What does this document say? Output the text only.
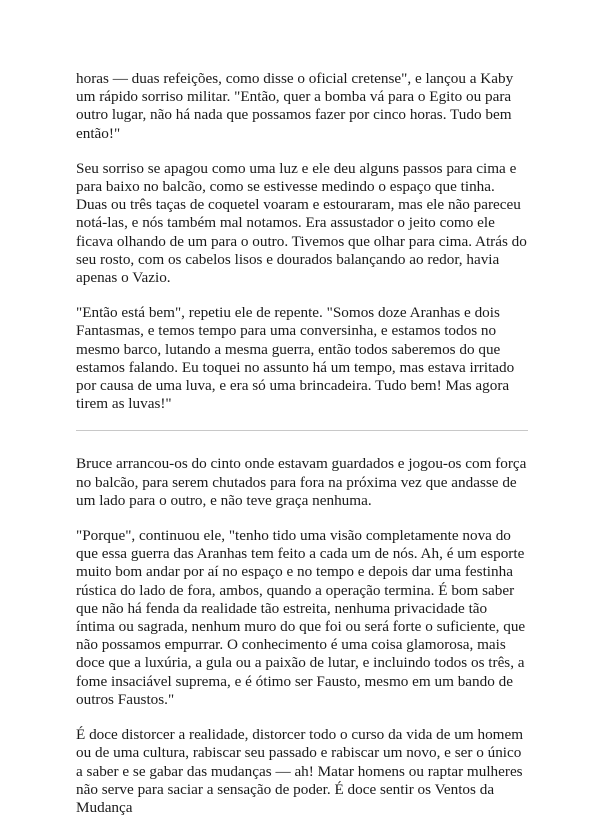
horas — duas refeições, como disse o oficial cretense", e lançou a Kaby um rápido sorriso militar. "Então, quer a bomba vá para o Egito ou para outro lugar, não há nada que possamos fazer por cinco horas. Tudo bem então!"

Seu sorriso se apagou como uma luz e ele deu alguns passos para cima e para baixo no balcão, como se estivesse medindo o espaço que tinha. Duas ou três taças de coquetel voaram e estouraram, mas ele não pareceu notá-las, e nós também mal notamos. Era assustador o jeito como ele ficava olhando de um para o outro. Tivemos que olhar para cima. Atrás do seu rosto, com os cabelos lisos e dourados balançando ao redor, havia apenas o Vazio.

"Então está bem", repetiu ele de repente. "Somos doze Aranhas e dois Fantasmas, e temos tempo para uma conversinha, e estamos todos no mesmo barco, lutando a mesma guerra, então todos saberemos do que estamos falando. Eu toquei no assunto há um tempo, mas estava irritado por causa de uma luva, e era só uma brincadeira. Tudo bem! Mas agora tirem as luvas!"

Bruce arrancou-os do cinto onde estavam guardados e jogou-os com força no balcão, para serem chutados para fora na próxima vez que andasse de um lado para o outro, e não teve graça nenhuma.

"Porque", continuou ele, "tenho tido uma visão completamente nova do que essa guerra das Aranhas tem feito a cada um de nós. Ah, é um esporte muito bom andar por aí no espaço e no tempo e depois dar uma festinha rústica do lado de fora, ambos, quando a operação termina. É bom saber que não há fenda da realidade tão estreita, nenhuma privacidade tão íntima ou sagrada, nenhum muro do que foi ou será forte o suficiente, que não possamos empurrar. O conhecimento é uma coisa glamorosa, mais doce que a luxúria, a gula ou a paixão de lutar, e incluindo todos os três, a fome insaciável suprema, e é ótimo ser Fausto, mesmo em um bando de outros Faustos."

É doce distorcer a realidade, distorcer todo o curso da vida de um homem ou de uma cultura, rabiscar seu passado e rabiscar um novo, e ser o único a saber e se gabar das mudanças — ah! Matar homens ou raptar mulheres não serve para saciar a sensação de poder. É doce sentir os Ventos da Mudança
